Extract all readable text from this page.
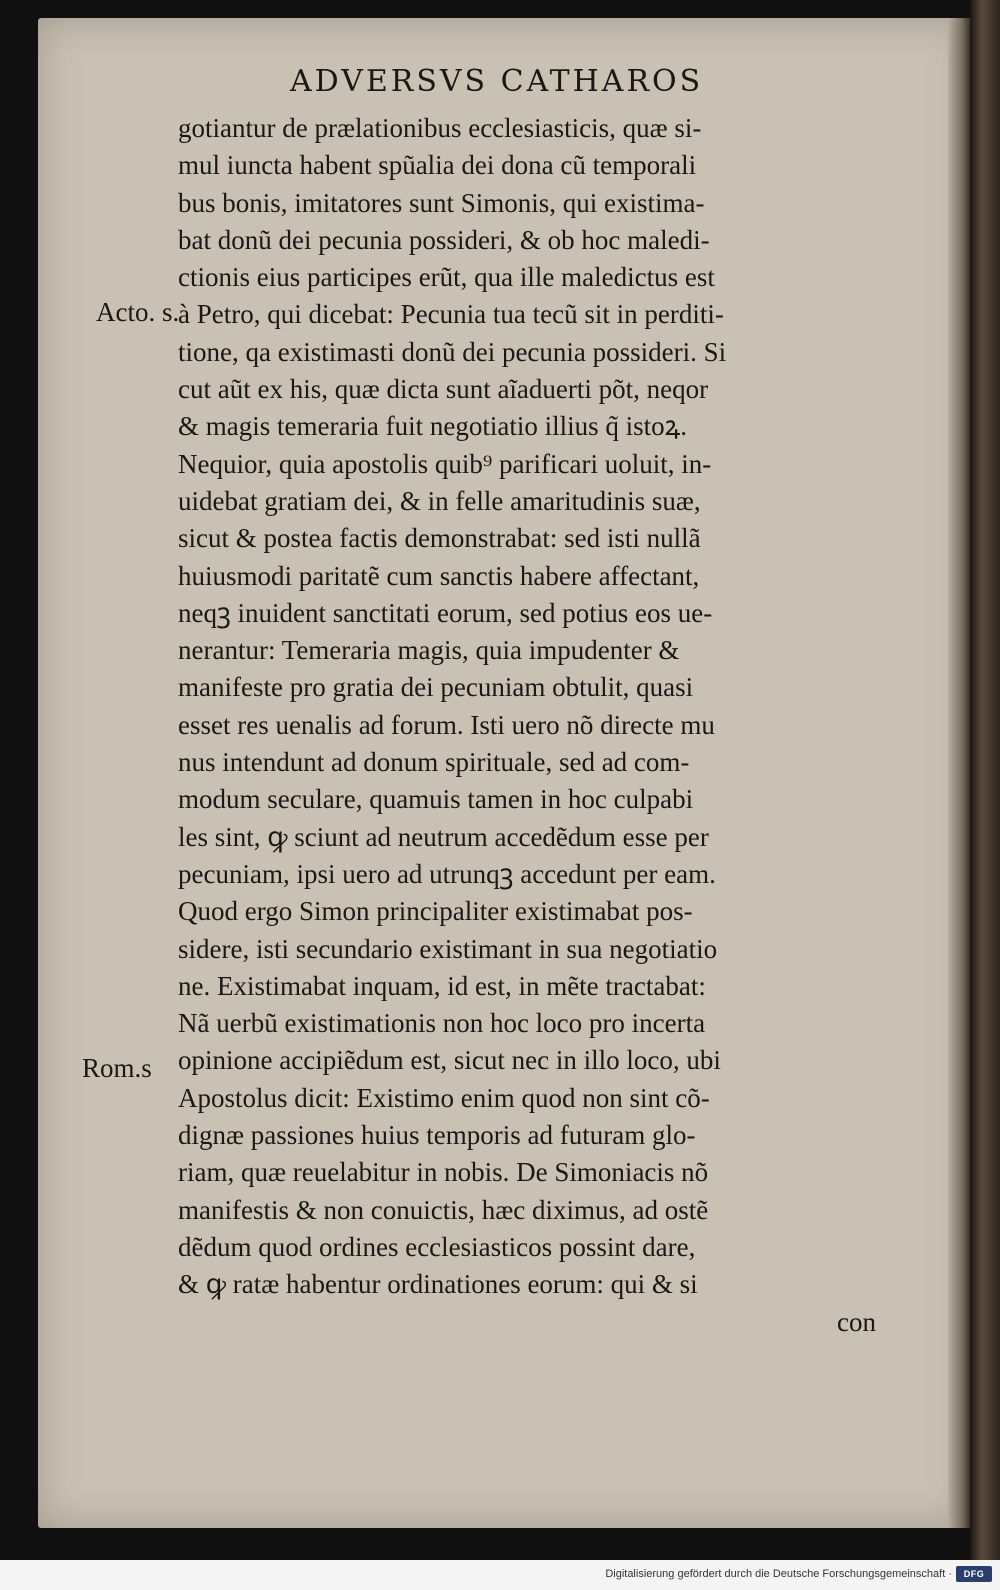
ADVERSVS CATHAROS
Acto. s.
Rom.s
gotiantur de prælationibus ecclesiasticis, quæ si-
mul iuncta habent spũalia dei dona cũ temporali
bus bonis, imitatores sunt Simonis, qui existima-
bat donũ dei pecunia possideri, & ob hoc maledi-
ctionis eius participes erũt, qua ille maledictus est
à Petro, qui dicebat: Pecunia tua tecũ sit in perditi-
tione, qa existimasti donũ dei pecunia possideri. Si
cut aũt ex his, quæ dicta sunt aĩaduerti põt, neqor
& magis temeraria fuit negotiatio illius q̃ istoꝝ.
Nequior, quia apostolis quib⁹ parificari uoluit, in-
uidebat gratiam dei, & in felle amaritudinis suæ,
sicut & postea factis demonstrabat: sed isti nullã
huiusmodi paritatẽ cum sanctis habere affectant,
neqꝫ inuident sanctitati eorum, sed potius eos ue-
nerantur: Temeraria magis, quia impudenter &
manifeste pro gratia dei pecuniam obtulit, quasi
esset res uenalis ad forum. Isti uero nõ directe mu
nus intendunt ad donum spirituale, sed ad com-
modum seculare, quamuis tamen in hoc culpabi
les sint, ꝙ sciunt ad neutrum accedẽdum esse per
pecuniam, ipsi uero ad utrunqꝫ accedunt per eam.
Quod ergo Simon principaliter existimabat pos-
sidere, isti secundario existimant in sua negotiatio
ne. Existimabat inquam, id est, in mẽte tractabat:
Nã uerbũ existimationis non hoc loco pro incerta
opinione accipiẽdum est, sicut nec in illo loco, ubi
Apostolus dicit: Existimo enim quod non sint cõ-
dignæ passiones huius temporis ad futuram glo-
riam, quæ reuelabitur in nobis. De Simoniacis nõ
manifestis & non conuictis, hæc diximus, ad ostẽ
dẽdum quod ordines ecclesiasticos possint dare,
& ꝙ ratæ habentur ordinationes eorum: qui & si
con
Digitalisierung gefördert durch die Deutsche Forschungsgemeinschaft ·	DFG
